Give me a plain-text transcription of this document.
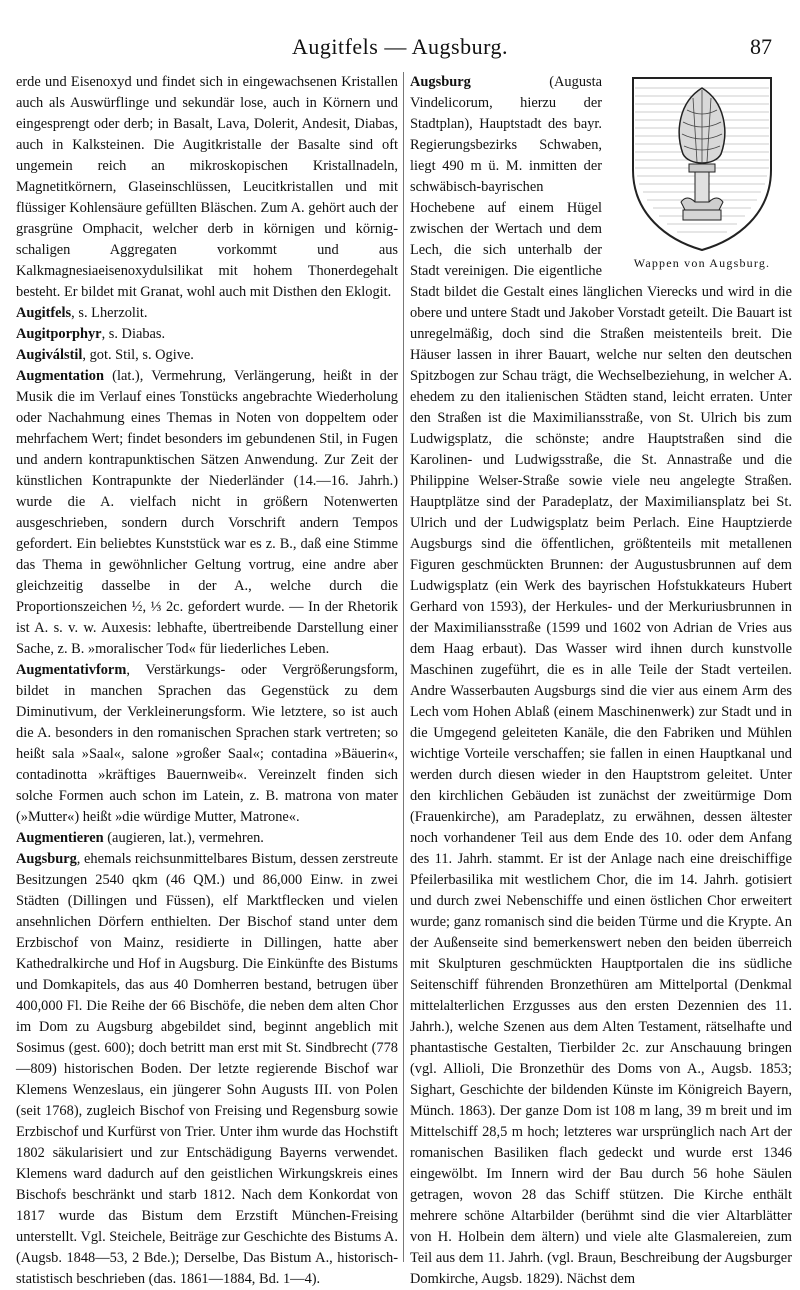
Augitfels — Augsburg.	87

erde und Eisenoxyd und findet sich in eingewachsenen Kristallen auch als Auswürflinge und sekundär lose, auch in Körnern und eingesprengt oder derb; in Basalt, Lava, Dolerit, Andesit, Diabas, auch in Kalksteinen. Die Augitkristalle der Basalte sind oft ungemein reich an mikroskopischen Kristallnadeln, Magnetitkörnern, Glaseinschlüssen, Leucitkristallen und mit flüssiger Kohlensäure gefüllten Bläschen. Zum A. gehört auch der grasgrüne Omphacit, welcher derb in körnigen und körnig-schaligen Aggregaten vorkommt und aus Kalkmagnesiaeisenoxydulsilikat mit hohem Thonerdegehalt besteht. Er bildet mit Granat, wohl auch mit Disthen den Eklogit.

Augitfels, s. Lherzolit.

Augitporphyr, s. Diabas.

Augiválstil, got. Stil, s. Ogive.

Augmentation (lat.), Vermehrung, Verlängerung, heißt in der Musik die im Verlauf eines Tonstücks angebrachte Wiederholung oder Nachahmung eines Themas in Noten von doppeltem oder mehrfachem Wert; findet besonders im gebundenen Stil, in Fugen und andern kontrapunktischen Sätzen Anwendung. Zur Zeit der künstlichen Kontrapunkte der Niederländer (14.—16. Jahrh.) wurde die A. vielfach nicht in größern Notenwerten ausgeschrieben, sondern durch Vorschrift andern Tempos gefordert. Ein beliebtes Kunststück war es z. B., daß eine Stimme das Thema in gewöhnlicher Geltung vortrug, eine andre aber gleichzeitig dasselbe in der A., welche durch die Proportionszeichen ½, ⅓ 2c. gefordert wurde. — In der Rhetorik ist A. s. v. w. Auxesis: lebhafte, übertreibende Darstellung einer Sache, z. B. »moralischer Tod« für liederliches Leben.

Augmentativform, Verstärkungs- oder Vergrößerungsform, bildet in manchen Sprachen das Gegenstück zu dem Diminutivum, der Verkleinerungsform. Wie letztere, so ist auch die A. besonders in den romanischen Sprachen stark vertreten; so heißt sala »Saal«, salone »großer Saal«; contadina »Bäuerin«, contadinotta »kräftiges Bauernweib«. Vereinzelt finden sich solche Formen auch schon im Latein, z. B. matrona von mater (»Mutter«) heißt »die würdige Mutter, Matrone«.

Augmentieren (augieren, lat.), vermehren.

Augsburg, ehemals reichsunmittelbares Bistum, dessen zerstreute Besitzungen 2540 qkm (46 QM.) und 86,000 Einw. in zwei Städten (Dillingen und Füssen), elf Marktflecken und vielen ansehnlichen Dörfern enthielten. Der Bischof stand unter dem Erzbischof von Mainz, residierte in Dillingen, hatte aber Kathedralkirche und Hof in Augsburg. Die Einkünfte des Bistums und Domkapitels, das aus 40 Domherren bestand, betrugen über 400,000 Fl. Die Reihe der 66 Bischöfe, die neben dem alten Chor im Dom zu Augsburg abgebildet sind, beginnt angeblich mit Sosimus (gest. 600); doch betritt man erst mit St. Sindbrecht (778—809) historischen Boden. Der letzte regierende Bischof war Klemens Wenzeslaus, ein jüngerer Sohn Augusts III. von Polen (seit 1768), zugleich Bischof von Freising und Regensburg sowie Erzbischof und Kurfürst von Trier. Unter ihm wurde das Hochstift 1802 säkularisiert und zur Entschädigung Bayerns verwendet. Klemens ward dadurch auf den geistlichen Wirkungskreis eines Bischofs beschränkt und starb 1812. Nach dem Konkordat von 1817 wurde das Bistum dem Erzstift München-Freising unterstellt. Vgl. Steichele, Beiträge zur Geschichte des Bistums A. (Augsb. 1848—53, 2 Bde.); Derselbe, Das Bistum A., historisch-statistisch beschrieben (das. 1861—1884, Bd. 1—4).

Wappen von Augsburg.

Augsburg (Augusta Vindelicorum, hierzu der Stadtplan), Hauptstadt des bayr. Regierungsbezirks Schwaben, liegt 490 m ü. M. inmitten der schwäbisch-bayrischen Hochebene auf einem Hügel zwischen der Wertach und dem Lech, die sich unterhalb der Stadt vereinigen. Die eigentliche Stadt bildet die Gestalt eines länglichen Vierecks und wird in die obere und untere Stadt und Jakober Vorstadt geteilt. Die Bauart ist unregelmäßig, doch sind die Straßen meistenteils breit. Die Häuser lassen in ihrer Bauart, welche nur selten den deutschen Spitzbogen zur Schau trägt, die Wechselbeziehung, in welcher A. ehedem zu den italienischen Städten stand, leicht erraten. Unter den Straßen ist die Maximiliansstraße, von St. Ulrich bis zum Ludwigsplatz, die schönste; andre Hauptstraßen sind die Karolinen- und Ludwigsstraße, die St. Annastraße und die Philippine Welser-Straße sowie viele neu angelegte Straßen. Hauptplätze sind der Paradeplatz, der Maximiliansplatz bei St. Ulrich und der Ludwigsplatz beim Perlach. Eine Hauptzierde Augsburgs sind die öffentlichen, größtenteils mit metallenen Figuren geschmückten Brunnen: der Augustusbrunnen auf dem Ludwigsplatz (ein Werk des bayrischen Hofstukkateurs Hubert Gerhard von 1593), der Herkules- und der Merkuriusbrunnen in der Maximiliansstraße (1599 und 1602 von Adrian de Vries aus dem Haag erbaut). Das Wasser wird ihnen durch kunstvolle Maschinen zugeführt, die es in alle Teile der Stadt verteilen. Andre Wasserbauten Augsburgs sind die vier aus einem Arm des Lech vom Hohen Ablaß (einem Maschinenwerk) zur Stadt und in die Umgegend geleiteten Kanäle, die den Fabriken und Mühlen wichtige Vorteile verschaffen; sie fallen in einen Hauptkanal und werden durch diesen wieder in den Hauptstrom geleitet. Unter den kirchlichen Gebäuden ist zunächst der zweitürmige Dom (Frauenkirche), am Paradeplatz, zu erwähnen, dessen ältester noch vorhandener Teil aus dem Ende des 10. oder dem Anfang des 11. Jahrh. stammt. Er ist der Anlage nach eine dreischiffige Pfeilerbasilika mit westlichem Chor, die im 14. Jahrh. gotisiert und durch zwei Nebenschiffe und einen östlichen Chor erweitert wurde; ganz romanisch sind die beiden Türme und die Krypte. An der Außenseite sind bemerkenswert neben den beiden überreich mit Skulpturen geschmückten Hauptportalen die ins südliche Seitenschiff führenden Bronzethüren am Mittelportal (Denkmal mittelalterlichen Erzgusses aus den ersten Dezennien des 11. Jahrh.), welche Szenen aus dem Alten Testament, rätselhafte und phantastische Gestalten, Tierbilder 2c. zur Anschauung bringen (vgl. Allioli, Die Bronzethür des Doms von A., Augsb. 1853; Sighart, Geschichte der bildenden Künste im Königreich Bayern, Münch. 1863). Der ganze Dom ist 108 m lang, 39 m breit und im Mittelschiff 28,5 m hoch; letzteres war ursprünglich nach Art der romanischen Basiliken flach gedeckt und wurde erst 1346 eingewölbt. Im Innern wird der Bau durch 56 hohe Säulen getragen, wovon 28 das Schiff stützen. Die Kirche enthält mehrere schöne Altarbilder (berühmt sind die vier Altarblätter von H. Holbein dem ältern) und viele alte Glasmalereien, zum Teil aus dem 11. Jahrh. (vgl. Braun, Beschreibung der Augsburger Domkirche, Augsb. 1829). Nächst dem
